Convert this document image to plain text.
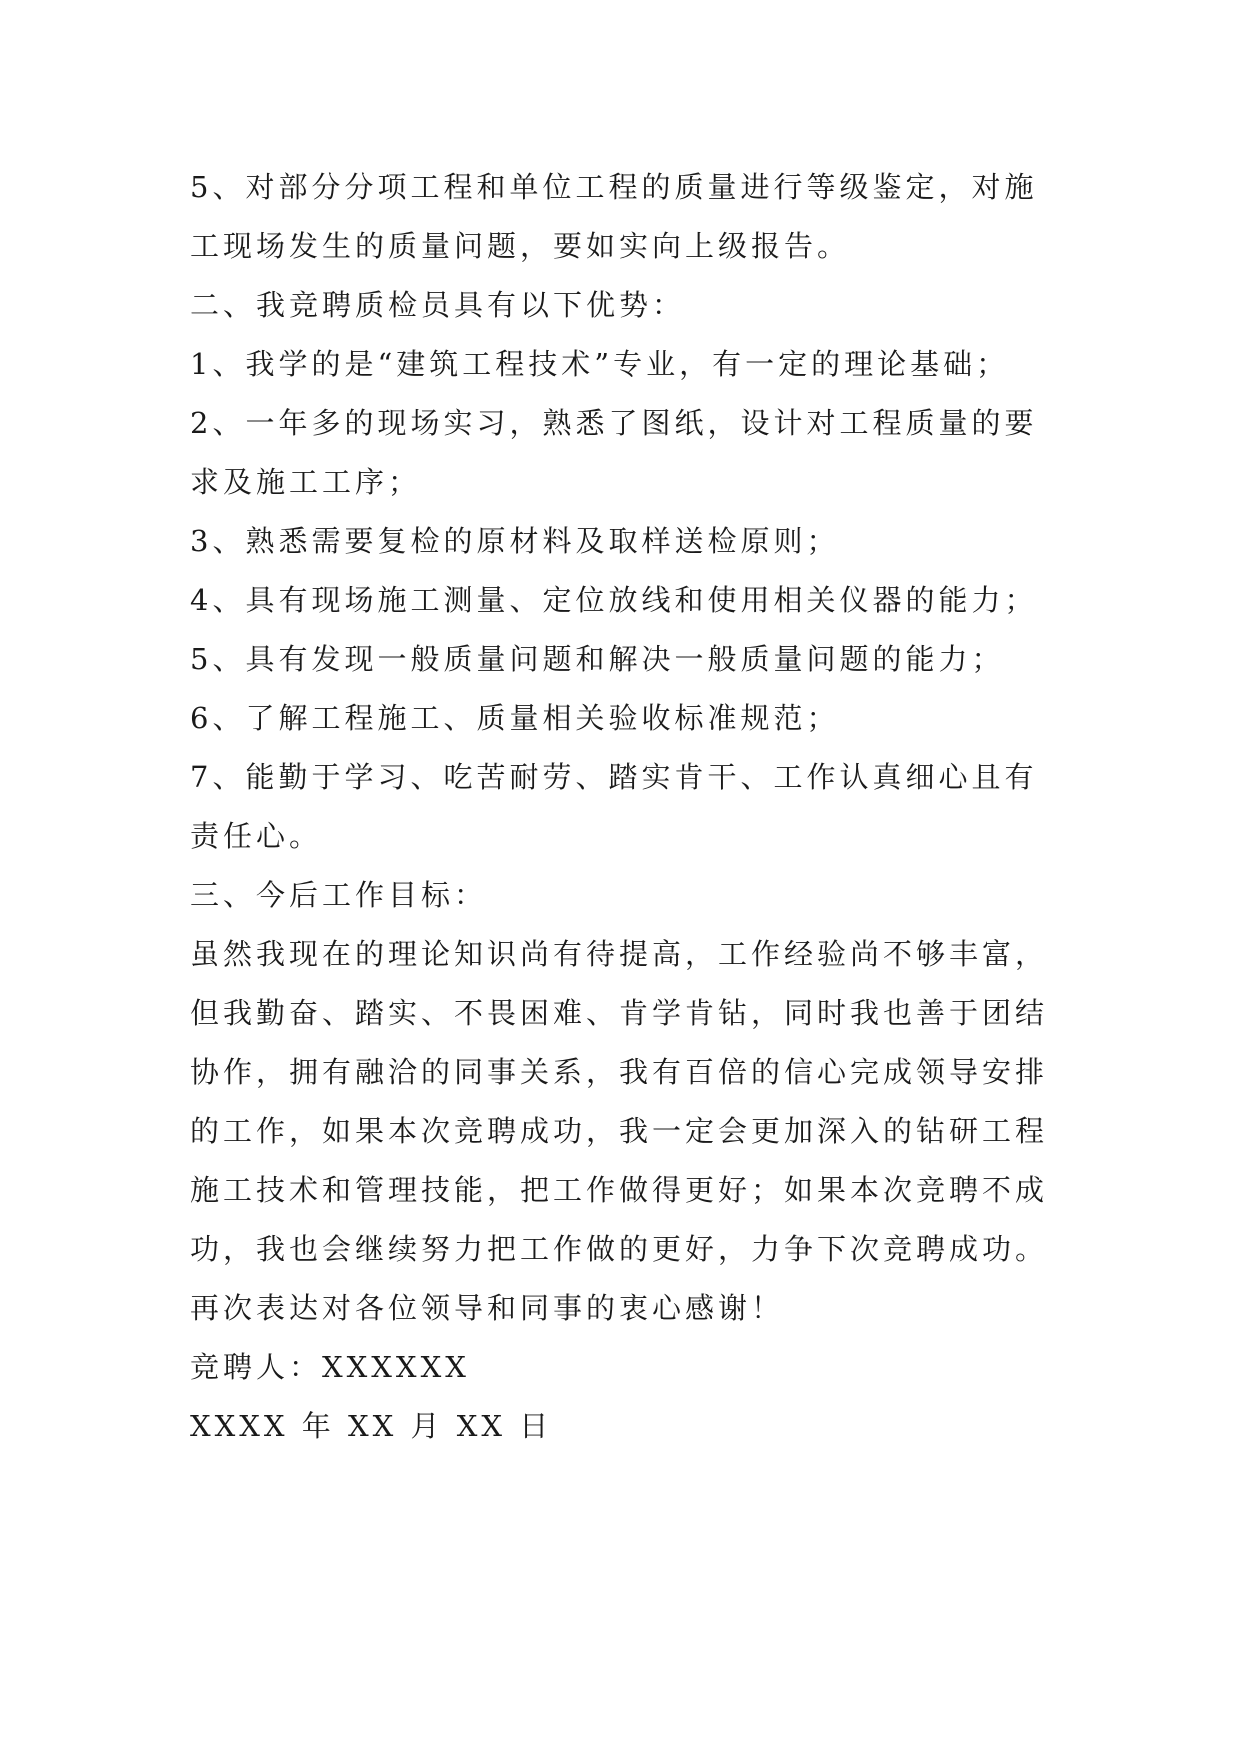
5、对部分分项工程和单位工程的质量进行等级鉴定，对施工现场发生的质量问题，要如实向上级报告。

二、我竞聘质检员具有以下优势：

1、我学的是“建筑工程技术”专业，有一定的理论基础；

2、一年多的现场实习，熟悉了图纸，设计对工程质量的要求及施工工序；

3、熟悉需要复检的原材料及取样送检原则；

4、具有现场施工测量、定位放线和使用相关仪器的能力；

5、具有发现一般质量问题和解决一般质量问题的能力；

6、了解工程施工、质量相关验收标准规范；

7、能勤于学习、吃苦耐劳、踏实肯干、工作认真细心且有责任心。

三、今后工作目标：

虽然我现在的理论知识尚有待提高，工作经验尚不够丰富，但我勤奋、踏实、不畏困难、肯学肯钻，同时我也善于团结协作，拥有融洽的同事关系，我有百倍的信心完成领导安排的工作，如果本次竞聘成功，我一定会更加深入的钻研工程施工技术和管理技能，把工作做得更好；如果本次竞聘不成功，我也会继续努力把工作做的更好，力争下次竞聘成功。

再次表达对各位领导和同事的衷心感谢！

竞聘人：XXXXXX

XXXX 年 XX 月 XX 日
